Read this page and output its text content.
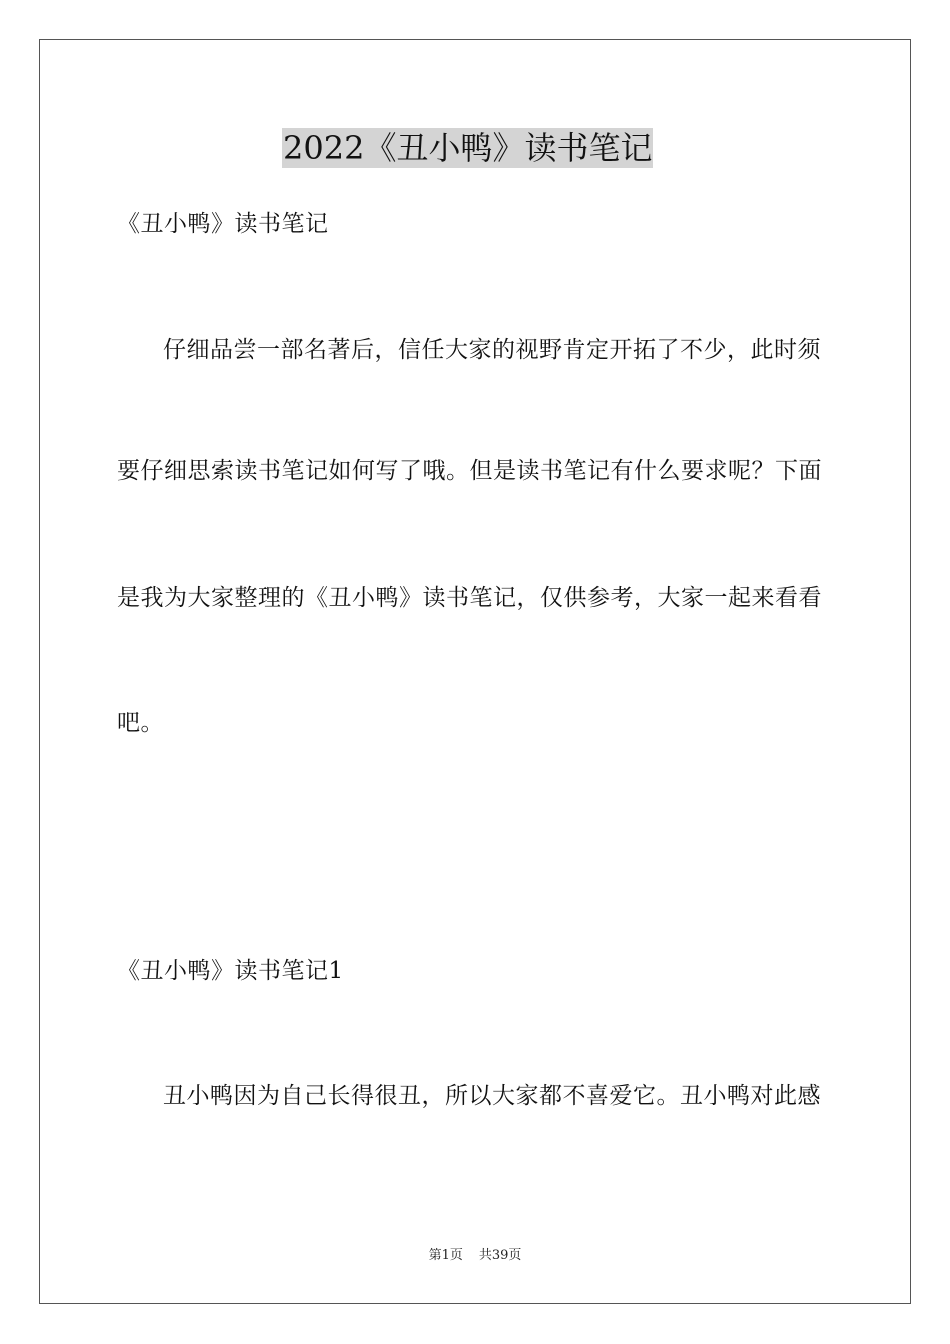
2022《丑小鸭》读书笔记
《丑小鸭》读书笔记
仔细品尝一部名著后，信任大家的视野肯定开拓了不少，此时须
要仔细思索读书笔记如何写了哦。但是读书笔记有什么要求呢？下面
是我为大家整理的《丑小鸭》读书笔记，仅供参考，大家一起来看看
吧。
《丑小鸭》读书笔记1
丑小鸭因为自己长得很丑，所以大家都不喜爱它。丑小鸭对此感
第1页 共39页
